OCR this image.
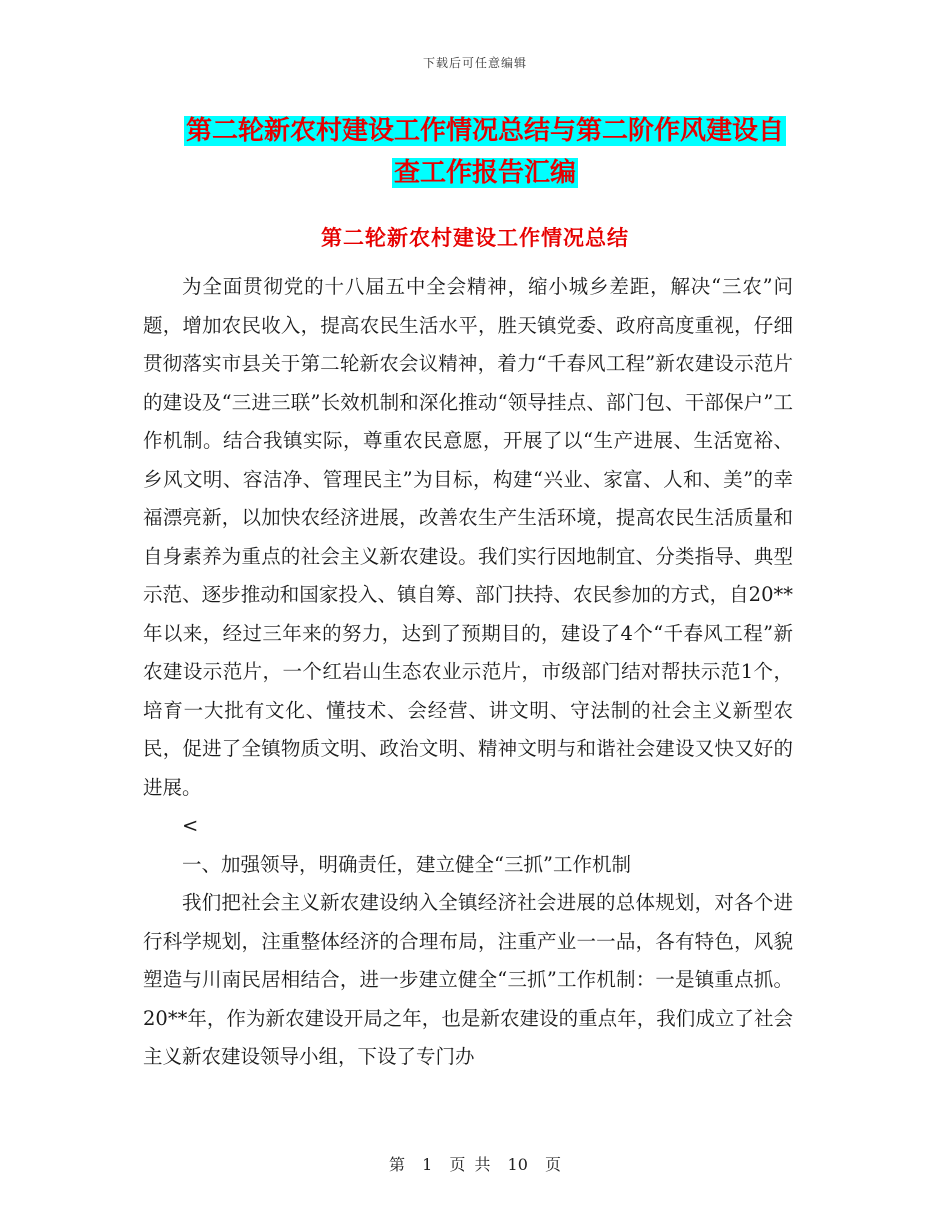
下载后可任意编辑
第二轮新农村建设工作情况总结与第二阶作风建设自
查工作报告汇编
第二轮新农村建设工作情况总结

为全面贯彻党的十八届五中全会精神，缩小城乡差距，解决“三农”问题，增加农民收入，提高农民生活水平，胜天镇党委、政府高度重视，仔细贯彻落实市县关于第二轮新农会议精神，着力“千春风工程”新农建设示范片的建设及“三进三联”长效机制和深化推动“领导挂点、部门包、干部保户”工作机制。结合我镇实际，尊重农民意愿，开展了以“生产进展、生活宽裕、乡风文明、容洁净、管理民主”为目标，构建“兴业、家富、人和、美”的幸福漂亮新，以加快农经济进展，改善农生产生活环境，提高农民生活质量和自身素养为重点的社会主义新农建设。我们实行因地制宜、分类指导、典型示范、逐步推动和国家投入、镇自筹、部门扶持、农民参加的方式，自20**年以来，经过三年来的努力，达到了预期目的，建设了4个“千春风工程”新农建设示范片，一个红岩山生态农业示范片，市级部门结对帮扶示范1个，培育一大批有文化、懂技术、会经营、讲文明、守法制的社会主义新型农民，促进了全镇物质文明、政治文明、精神文明与和谐社会建设又快又好的进展。

<

一、加强领导，明确责任，建立健全“三抓”工作机制

我们把社会主义新农建设纳入全镇经济社会进展的总体规划，对各个进行科学规划，注重整体经济的合理布局，注重产业一一品，各有特色，风貌塑造与川南民居相结合，进一步建立健全“三抓”工作机制：一是镇重点抓。20**年，作为新农建设开局之年，也是新农建设的重点年，我们成立了社会主义新农建设领导小组，下设了专门办

第 1 页 共 10 页
